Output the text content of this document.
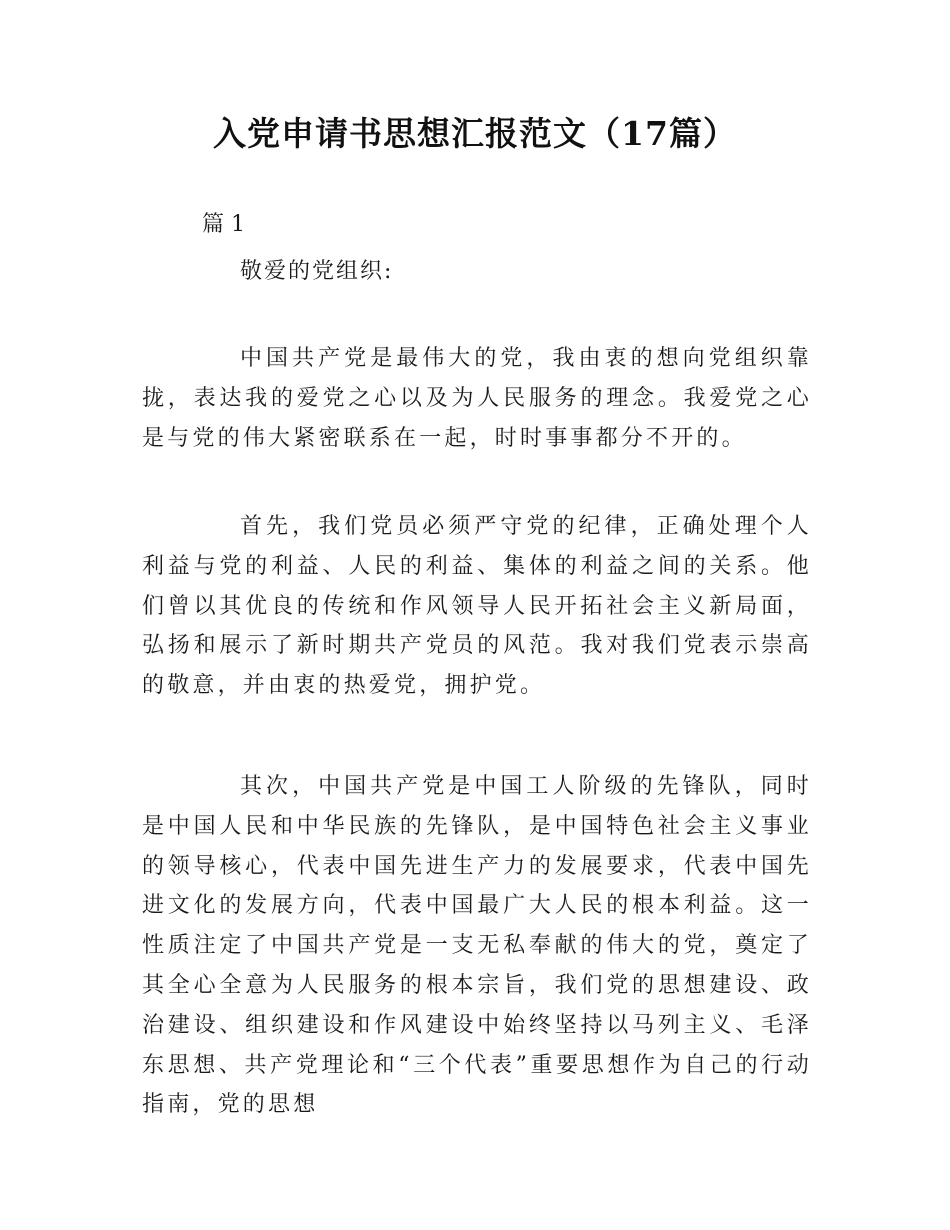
入党申请书思想汇报范文（17篇）
篇 1
敬爱的党组织:

中国共产党是最伟大的党，我由衷的想向党组织靠拢，表达我的爱党之心以及为人民服务的理念。我爱党之心是与党的伟大紧密联系在一起，时时事事都分不开的。

首先，我们党员必须严守党的纪律，正确处理个人利益与党的利益、人民的利益、集体的利益之间的关系。他们曾以其优良的传统和作风领导人民开拓社会主义新局面，弘扬和展示了新时期共产党员的风范。我对我们党表示崇高的敬意，并由衷的热爱党，拥护党。

其次，中国共产党是中国工人阶级的先锋队，同时是中国人民和中华民族的先锋队，是中国特色社会主义事业的领导核心，代表中国先进生产力的发展要求，代表中国先进文化的发展方向，代表中国最广大人民的根本利益。这一性质注定了中国共产党是一支无私奉献的伟大的党，奠定了其全心全意为人民服务的根本宗旨，我们党的思想建设、政治建设、组织建设和作风建设中始终坚持以马列主义、毛泽东思想、共产党理论和“三个代表”重要思想作为自己的行动指南，党的思想
